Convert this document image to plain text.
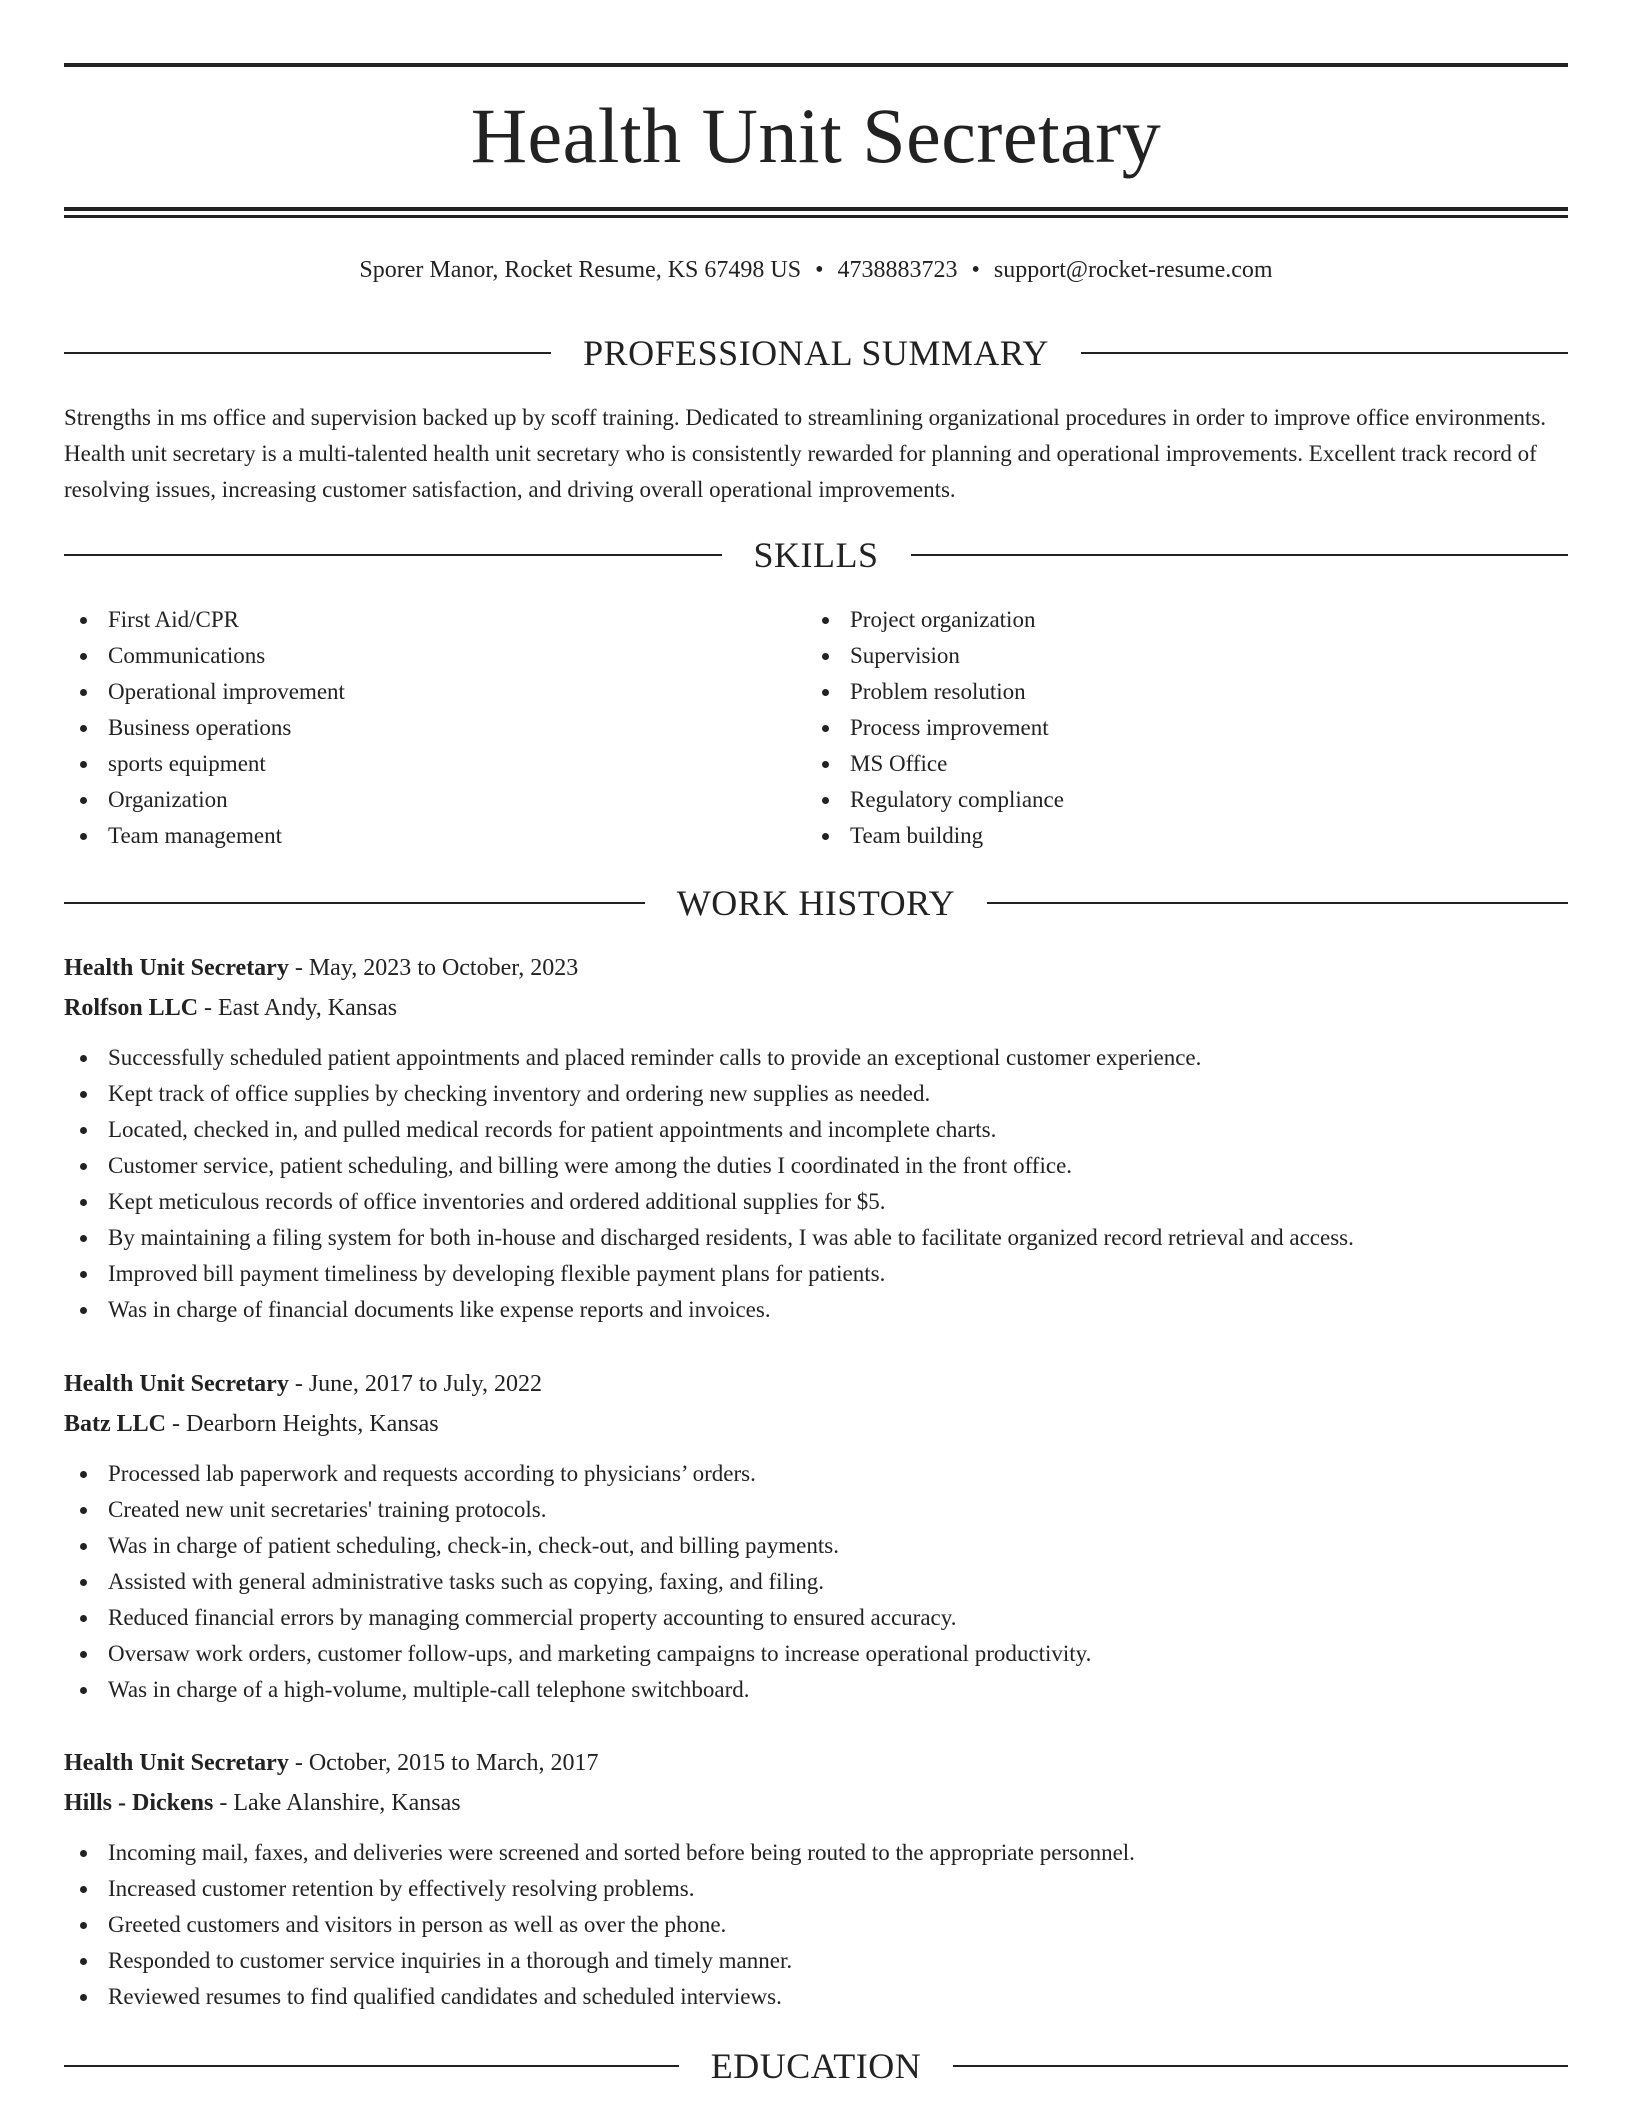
Health Unit Secretary
Sporer Manor, Rocket Resume, KS 67498 US • 4738883723 • support@rocket-resume.com
PROFESSIONAL SUMMARY

Strengths in ms office and supervision backed up by scoff training. Dedicated to streamlining organizational procedures in order to improve office environments. Health unit secretary is a multi-talented health unit secretary who is consistently rewarded for planning and operational improvements. Excellent track record of resolving issues, increasing customer satisfaction, and driving overall operational improvements.

SKILLS
First Aid/CPR
Communications
Operational improvement
Business operations
sports equipment
Organization
Team management
Project organization
Supervision
Problem resolution
Process improvement
MS Office
Regulatory compliance
Team building
WORK HISTORY
Health Unit Secretary - May, 2023 to October, 2023
Rolfson LLC - East Andy, Kansas
Successfully scheduled patient appointments and placed reminder calls to provide an exceptional customer experience.
Kept track of office supplies by checking inventory and ordering new supplies as needed.
Located, checked in, and pulled medical records for patient appointments and incomplete charts.
Customer service, patient scheduling, and billing were among the duties I coordinated in the front office.
Kept meticulous records of office inventories and ordered additional supplies for $5.
By maintaining a filing system for both in-house and discharged residents, I was able to facilitate organized record retrieval and access.
Improved bill payment timeliness by developing flexible payment plans for patients.
Was in charge of financial documents like expense reports and invoices.
Health Unit Secretary - June, 2017 to July, 2022
Batz LLC - Dearborn Heights, Kansas
Processed lab paperwork and requests according to physicians’ orders.
Created new unit secretaries' training protocols.
Was in charge of patient scheduling, check-in, check-out, and billing payments.
Assisted with general administrative tasks such as copying, faxing, and filing.
Reduced financial errors by managing commercial property accounting to ensured accuracy.
Oversaw work orders, customer follow-ups, and marketing campaigns to increase operational productivity.
Was in charge of a high-volume, multiple-call telephone switchboard.
Health Unit Secretary - October, 2015 to March, 2017
Hills - Dickens - Lake Alanshire, Kansas
Incoming mail, faxes, and deliveries were screened and sorted before being routed to the appropriate personnel.
Increased customer retention by effectively resolving problems.
Greeted customers and visitors in person as well as over the phone.
Responded to customer service inquiries in a thorough and timely manner.
Reviewed resumes to find qualified candidates and scheduled interviews.
EDUCATION
